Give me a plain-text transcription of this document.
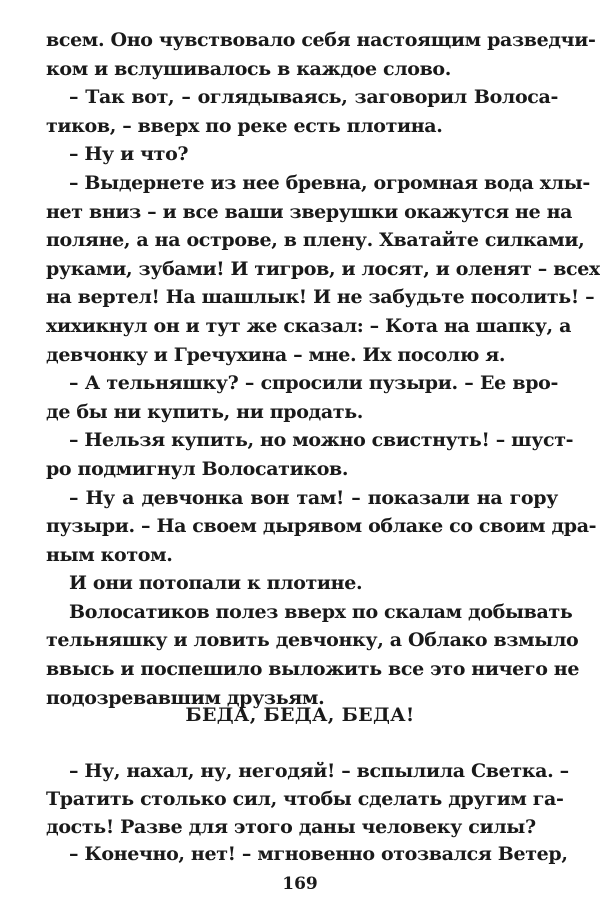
всем. Оно чувствовало себя настоящим разведчи-
ком и вслушивалось в каждое слово.
– Так вот, – оглядываясь, заговорил Волоса-
тиков, – вверх по реке есть плотина.
– Ну и что?
– Выдернете из нее бревна, огромная вода хлы-
нет вниз – и все ваши зверушки окажутся не на
поляне, а на острове, в плену. Хватайте силками,
руками, зубами! И тигров, и лосят, и оленят – всех
на вертел! На шашлык! И не забудьте посолить! –
хихикнул он и тут же сказал: – Кота на шапку, а
девчонку и Гречухина – мне. Их посолю я.
– А тельняшку? – спросили пузыри. – Ее вро-
де бы ни купить, ни продать.
– Нельзя купить, но можно свистнуть! – шуст-
ро подмигнул Волосатиков.
– Ну а девчонка вон там! – показали на гору
пузыри. – На своем дырявом облаке со своим дра-
ным котом.
И они потопали к плотине.
Волосатиков полез вверх по скалам добывать
тельняшку и ловить девчонку, а Облако взмыло
ввысь и поспешило выложить все это ничего не
подозревавшим друзьям.
БЕДА, БЕДА, БЕДА!
– Ну, нахал, ну, негодяй! – вспылила Светка. –
Тратить столько сил, чтобы сделать другим га-
дость! Разве для этого даны человеку силы?
– Конечно, нет! – мгновенно отозвался Ветер,
169
